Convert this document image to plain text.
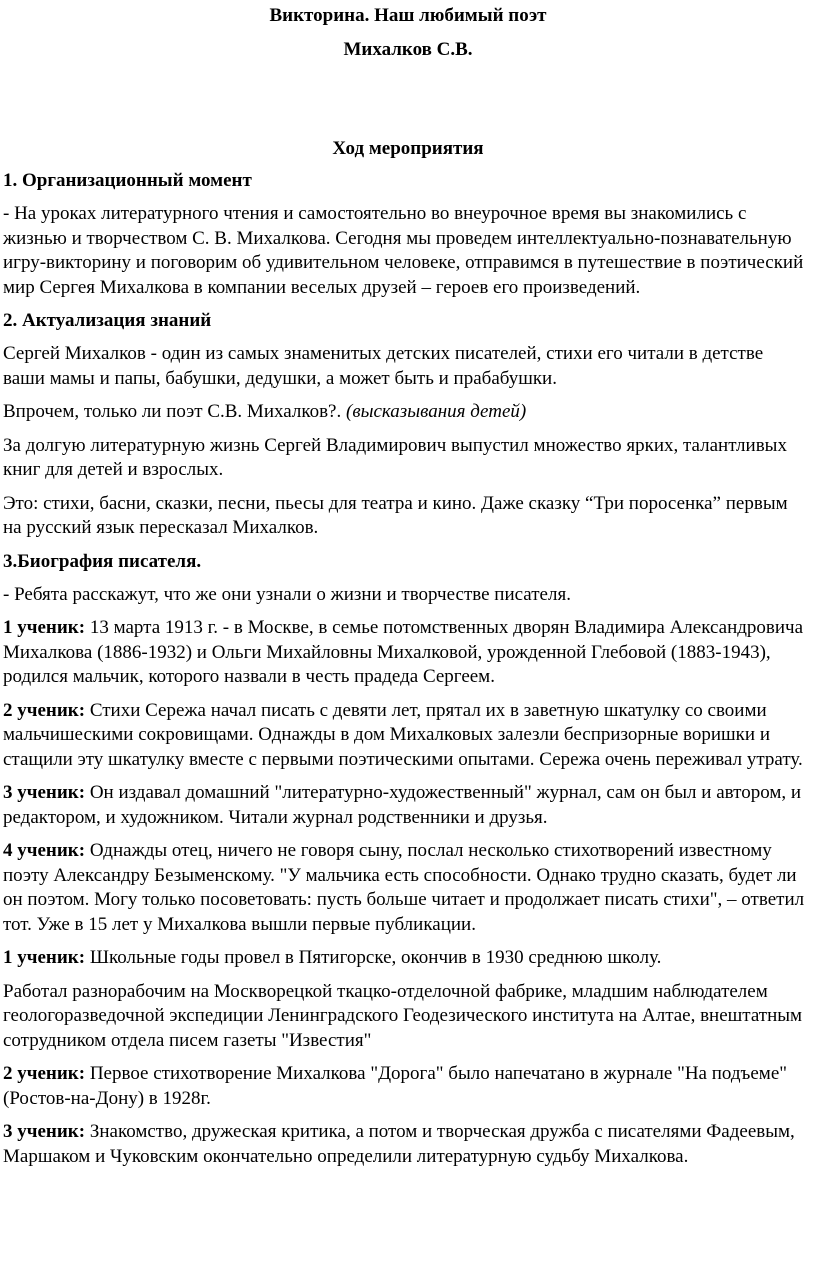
Викторина. Наш любимый поэт
Михалков С.В.
Ход мероприятия
1. Организационный момент

- На уроках литературного чтения и самостоятельно во внеурочное время вы знакомились с жизнью и творчеством С. В. Михалкова. Сегодня мы проведем интеллектуально-познавательную игру-викторину и поговорим об удивительном человеке, отправимся в путешествие в поэтический мир Сергея Михалкова в компании веселых друзей – героев его произведений.

2. Актуализация знаний

Сергей Михалков - один из самых знаменитых детских писателей, стихи его читали в детстве ваши мамы и папы, бабушки, дедушки, а может быть и прабабушки.

Впрочем, только ли поэт С.В. Михалков?. (высказывания детей)

За долгую литературную жизнь Сергей Владимирович выпустил множество ярких, талантливых книг для детей и взрослых.

Это: стихи, басни, сказки, песни, пьесы для театра и кино. Даже сказку “Три поросенка” первым на русский язык пересказал Михалков.

3.Биография писателя.

- Ребята расскажут, что же они узнали о жизни и творчестве писателя.

1 ученик: 13 марта 1913 г. - в Москве, в семье потомственных дворян Владимира Александровича Михалкова (1886-1932) и Ольги Михайловны Михалковой, урожденной Глебовой (1883-1943), родился мальчик, которого назвали в честь прадеда Сергеем.

2 ученик: Стихи Сережа начал писать с девяти лет, прятал их в заветную шкатулку со своими мальчишескими сокровищами. Однажды в дом Михалковых залезли беспризорные воришки и стащили эту шкатулку вместе с первыми поэтическими опытами. Сережа очень переживал утрату.

3 ученик: Он издавал домашний "литературно-художественный" журнал, сам он был и автором, и редактором, и художником. Читали журнал родственники и друзья.

4 ученик: Однажды отец, ничего не говоря сыну, послал несколько стихотворений известному поэту Александру Безыменскому. "У мальчика есть способности. Однако трудно сказать, будет ли он поэтом. Могу только посоветовать: пусть больше читает и продолжает писать стихи", – ответил тот. Уже в 15 лет у Михалкова вышли первые публикации.

1 ученик: Школьные годы провел в Пятигорске, окончив в 1930 среднюю школу.

Работал разнорабочим на Москворецкой ткацко-отделочной фабрике, младшим наблюдателем геологоразведочной экспедиции Ленинградского Геодезического института на Алтае, внештатным сотрудником отдела писем газеты "Известия"

2 ученик: Первое стихотворение Михалкова "Дорога" было напечатано в журнале "На подъеме" (Ростов-на-Дону) в 1928г.

3 ученик: Знакомство, дружеская критика, а потом и творческая дружба с писателями Фадеевым, Маршаком и Чуковским окончательно определили литературную судьбу Михалкова.
